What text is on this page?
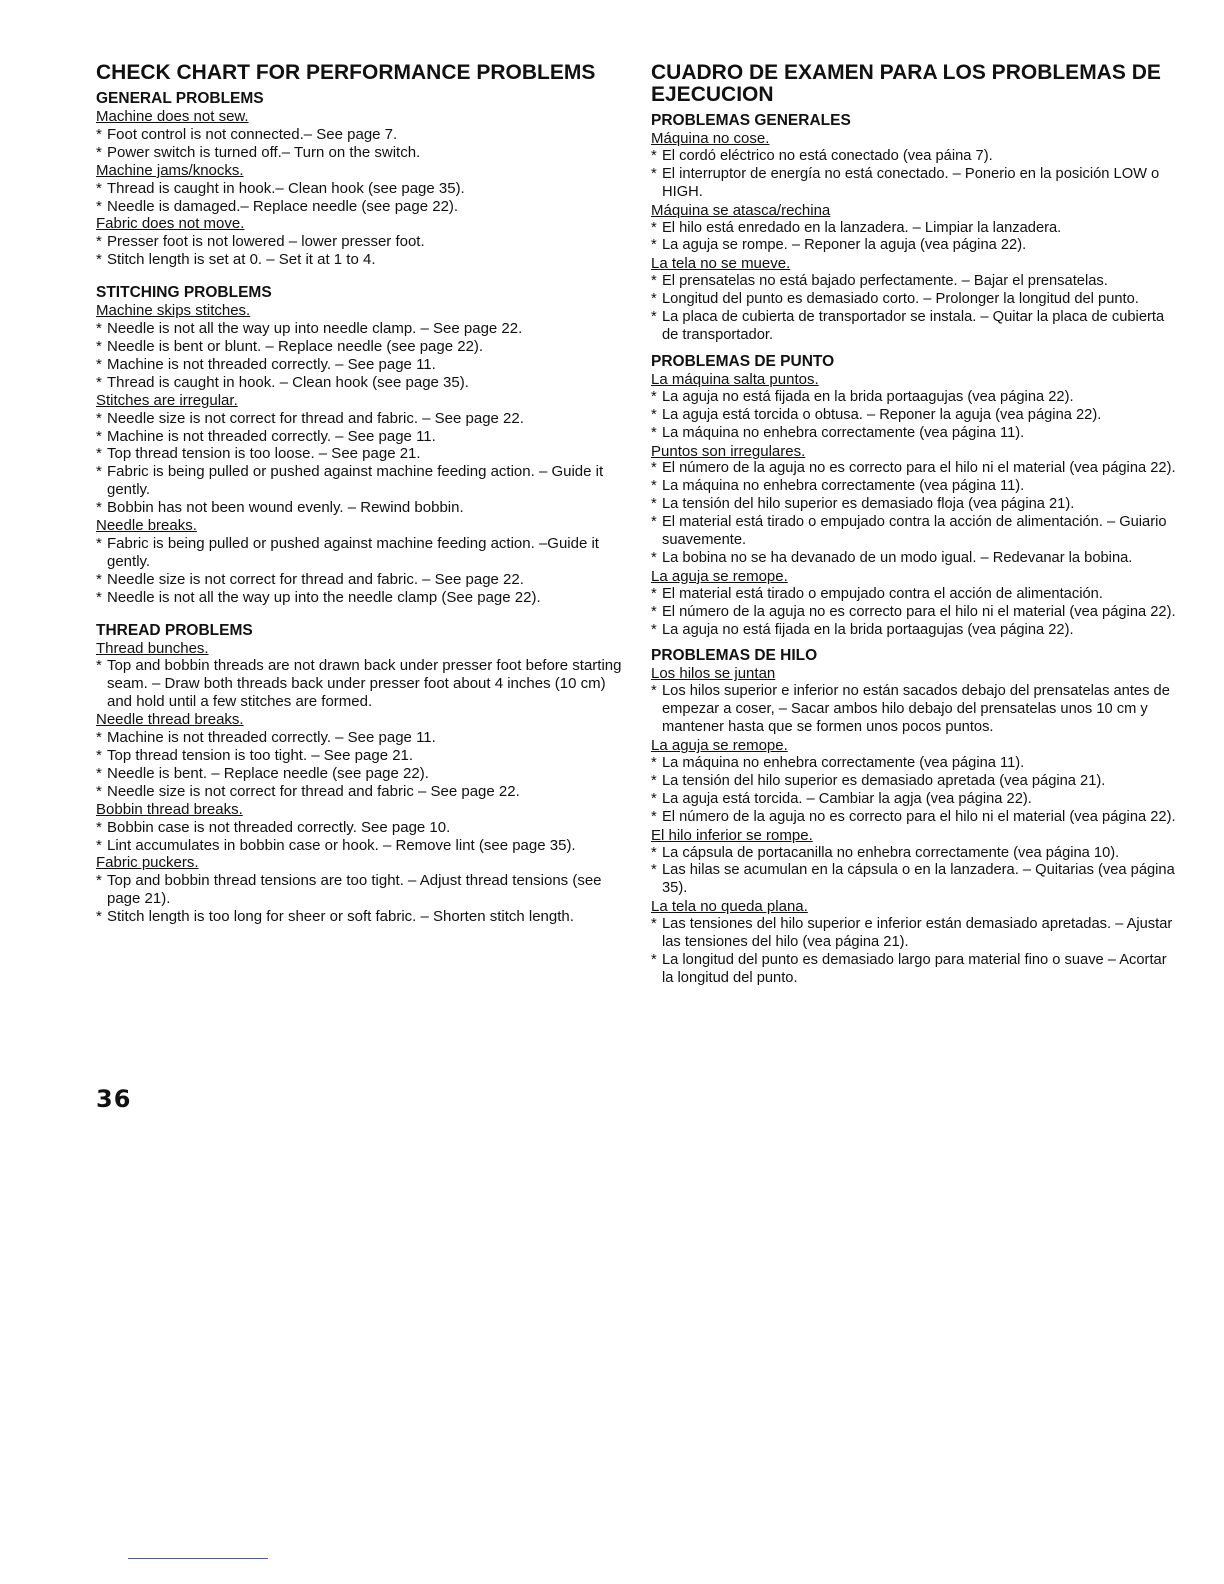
CHECK CHART FOR PERFORMANCE PROBLEMS
GENERAL PROBLEMS
Machine does not sew.
* Foot control is not connected.– See page 7.
* Power switch is turned off.– Turn on the switch.
Machine jams/knocks.
* Thread is caught in hook.– Clean hook (see page 35).
* Needle is damaged.– Replace needle (see page 22).
Fabric does not move.
* Presser foot is not lowered – lower presser foot.
* Stitch length is set at 0. – Set it at 1 to 4.
STITCHING PROBLEMS
Machine skips stitches.
* Needle is not all the way up into needle clamp. – See page 22.
* Needle is bent or blunt. – Replace needle (see page 22).
* Machine is not threaded correctly. – See page 11.
* Thread is caught in hook. – Clean hook (see page 35).
Stitches are irregular.
* Needle size is not correct for thread and fabric. – See page 22.
* Machine is not threaded correctly. – See page 11.
* Top thread tension is too loose. – See page 21.
* Fabric is being pulled or pushed against machine feeding action. – Guide it gently.
* Bobbin has not been wound evenly. – Rewind bobbin.
Needle breaks.
* Fabric is being pulled or pushed against machine feeding action. –Guide it gently.
* Needle size is not correct for thread and fabric. – See page 22.
* Needle is not all the way up into the needle clamp (See page 22).
THREAD PROBLEMS
Thread bunches.
* Top and bobbin threads are not drawn back under presser foot before starting seam. – Draw both threads back under presser foot about 4 inches (10 cm) and hold until a few stitches are formed.
Needle thread breaks.
* Machine is not threaded correctly. – See page 11.
* Top thread tension is too tight. – See page 21.
* Needle is bent. – Replace needle (see page 22).
* Needle size is not correct for thread and fabric – See page 22.
Bobbin thread breaks.
* Bobbin case is not threaded correctly. See page 10.
* Lint accumulates in bobbin case or hook. – Remove lint (see page 35).
Fabric puckers.
* Top and bobbin thread tensions are too tight. – Adjust thread tensions (see page 21).
* Stitch length is too long for sheer or soft fabric. – Shorten stitch length.
CUADRO DE EXAMEN PARA LOS PROBLEMAS DE EJECUCION
PROBLEMAS GENERALES
Máquina no cose.
* El cordó eléctrico no está conectado (vea páina 7).
* El interruptor de energía no está conectado. – Ponerio en la posición LOW o HIGH.
Máquina se atasca/rechina
* El hilo está enredado en la lanzadera. – Limpiar la lanzadera.
* La aguja se rompe. – Reponer la aguja (vea página 22).
La tela no se mueve.
* El prensatelas no está bajado perfectamente. – Bajar el prensatelas.
* Longitud del punto es demasiado corto. – Prolonger la longitud del punto.
* La placa de cubierta de transportador se instala. – Quitar la placa de cubierta de transportador.
PROBLEMAS DE PUNTO
La máquina salta puntos.
* La aguja no está fijada en la brida portaagujas (vea página 22).
* La aguja está torcida o obtusa. – Reponer la aguja (vea página 22).
* La máquina no enhebra correctamente (vea página 11).
Puntos son irregulares.
* El número de la aguja no es correcto para el hilo ni el material (vea página 22).
* La máquina no enhebra correctamente (vea página 11).
* La tensión del hilo superior es demasiado floja (vea página 21).
* El material está tirado o empujado contra la acción de alimentación. – Guiario suavemente.
* La bobina no se ha devanado de un modo igual. – Redevanar la bobina.
La aguja se remope.
* El material está tirado o empujado contra el acción de alimentación.
* El número de la aguja no es correcto para el hilo ni el material (vea página 22).
* La aguja no está fijada en la brida portaagujas (vea página 22).
PROBLEMAS DE HILO
Los hilos se juntan
* Los hilos superior e inferior no están sacados debajo del prensatelas antes de empezar a coser, – Sacar ambos hilo debajo del prensatelas unos 10 cm y mantener hasta que se formen unos pocos puntos.
La aguja se remope.
* La máquina no enhebra correctamente (vea página 11).
* La tensión del hilo superior es demasiado apretada (vea página 21).
* La aguja está torcida. – Cambiar la agja (vea página 22).
* El número de la aguja no es correcto para el hilo ni el material (vea página 22).
El hilo inferior se rompe.
* La cápsula de portacanilla no enhebra correctamente (vea página 10).
* Las hilas se acumulan en la cápsula o en la lanzadera. – Quitarias (vea página 35).
La tela no queda plana.
* Las tensiones del hilo superior e inferior están demasiado apretadas. – Ajustar las tensiones del hilo (vea página 21).
* La longitud del punto es demasiado largo para material fino o suave – Acortar la longitud del punto.
36
